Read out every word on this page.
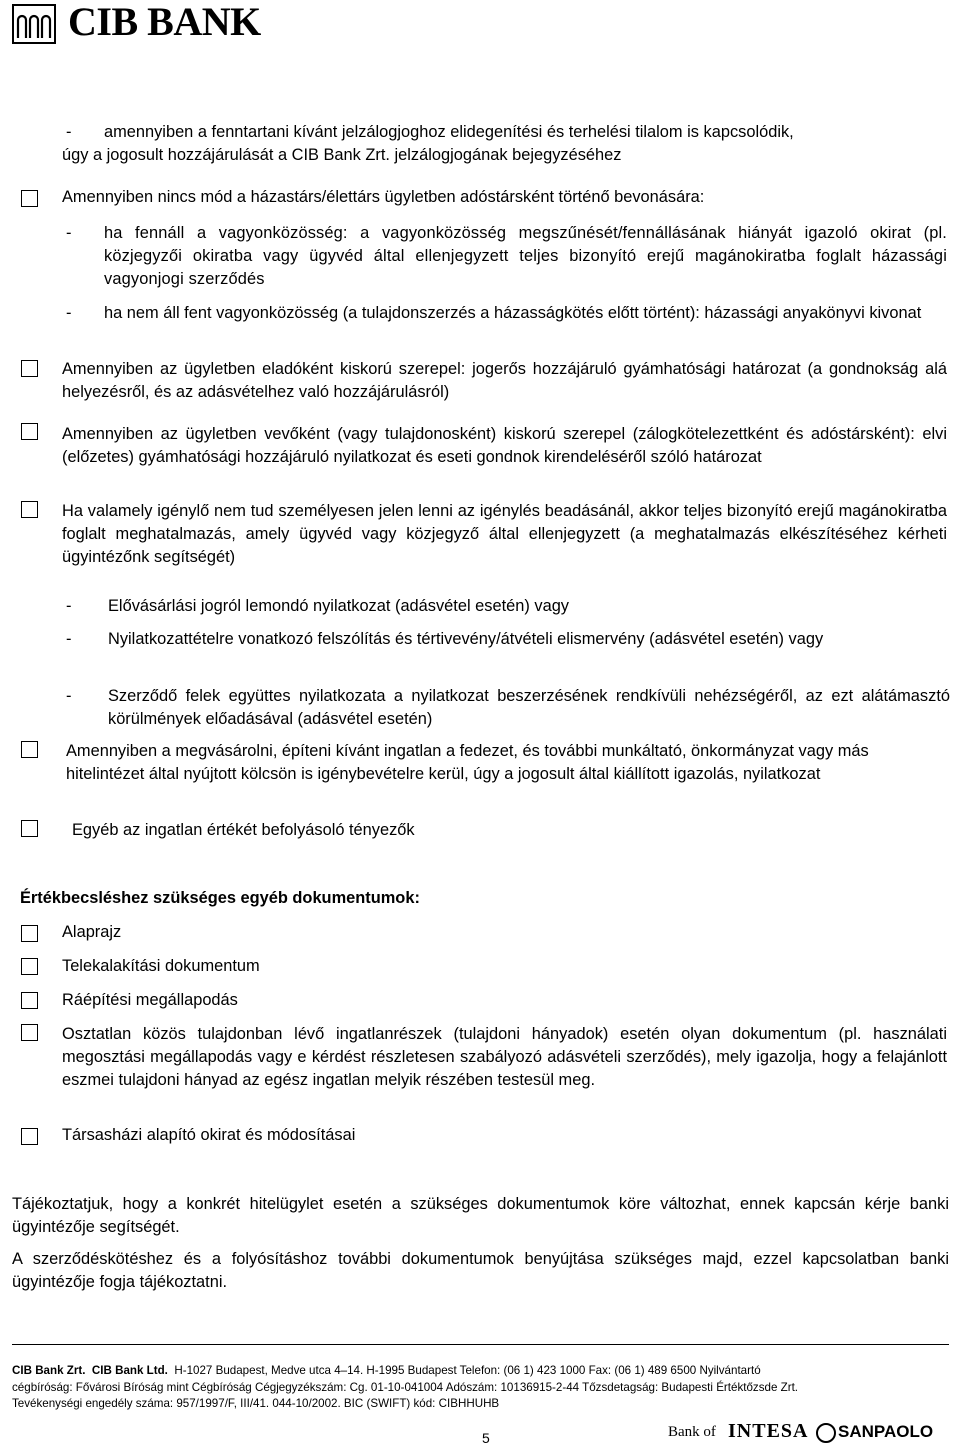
CIB BANK
- amennyiben a fenntartani kívánt jelzálogjoghoz elidegenítési és terhelési tilalom is kapcsolódik,
úgy a jogosult hozzájárulását a CIB Bank Zrt. jelzálogjogának bejegyzéséhez
Amennyiben nincs mód a házastárs/élettárs ügyletben adóstársként történő bevonására:
- ha fennáll a vagyonközösség: a vagyonközösség megszűnését/fennállásának hiányát igazoló okirat (pl. közjegyzői okiratba vagy ügyvéd által ellenjegyzett teljes bizonyító erejű magánokiratba foglalt házassági vagyonjogi szerződés
- ha nem áll fent vagyonközösség (a tulajdonszerzés a házasságkötés előtt történt): házassági anyakönyvi kivonat
Amennyiben az ügyletben eladóként kiskorú szerepel: jogerős hozzájáruló gyámhatósági határozat (a gondnokság alá helyezésről, és az adásvételhez való hozzájárulásról)
Amennyiben az ügyletben vevőként (vagy tulajdonosként) kiskorú szerepel (zálogkötelezettként és adóstársként): elvi (előzetes) gyámhatósági hozzájáruló nyilatkozat és eseti gondnok kirendeléséről szóló határozat
Ha valamely igénylő nem tud személyesen jelen lenni az igénylés beadásánál, akkor teljes bizonyító erejű magánokiratba foglalt meghatalmazás, amely ügyvéd vagy közjegyző által ellenjegyzett (a meghatalmazás elkészítéséhez kérheti ügyintézőnk segítségét)
- Elővásárlási jogról lemondó nyilatkozat (adásvétel esetén) vagy
- Nyilatkozattételre vonatkozó felszólítás és tértivevény/átvételi elismervény (adásvétel esetén) vagy
- Szerződő felek együttes nyilatkozata a nyilatkozat beszerzésének rendkívüli nehézségéről, az ezt alátámasztó körülmények előadásával (adásvétel esetén)
Amennyiben a megvásárolni, építeni kívánt ingatlan a fedezet, és további munkáltató, önkormányzat vagy más hitelintézet által nyújtott kölcsön is igénybevételre kerül, úgy a jogosult által kiállított igazolás, nyilatkozat
Egyéb az ingatlan értékét befolyásoló tényezők
Értékbecsléshez szükséges egyéb dokumentumok:
Alaprajz
Telekalakítási dokumentum
Ráépítési megállapodás
Osztatlan közös tulajdonban lévő ingatlanrészek (tulajdoni hányadok) esetén olyan dokumentum (pl. használati megosztási megállapodás vagy e kérdést részletesen szabályozó adásvételi szerződés), mely igazolja, hogy a felajánlott eszmei tulajdoni hányad az egész ingatlan melyik részében testesül meg.
Társasházi alapító okirat és módosításai
Tájékoztatjuk, hogy a konkrét hitelügylet esetén a szükséges dokumentumok köre változhat, ennek kapcsán kérje banki ügyintézője segítségét.
A szerződéskötéshez és a folyósításhoz további dokumentumok benyújtása szükséges majd, ezzel kapcsolatban banki ügyintézője fogja tájékoztatni.
CIB Bank Zrt. CIB Bank Ltd. H-1027 Budapest, Medve utca 4–14. H-1995 Budapest Telefon: (06 1) 423 1000 Fax: (06 1) 489 6500 Nyilvántartó
cégbíróság: Fővárosi Bíróság mint Cégbíróság Cégjegyzékszám: Cg. 01-10-041004 Adószám: 10136915-2-44 Tőzsdetagság: Budapesti Értéktőzsde Zrt.
Tevékenységi engedély száma: 957/1997/F, III/41. 044-10/2002. BIC (SWIFT) kód: CIBHHUHB
Bank of INTESA SANPAOLO
5
